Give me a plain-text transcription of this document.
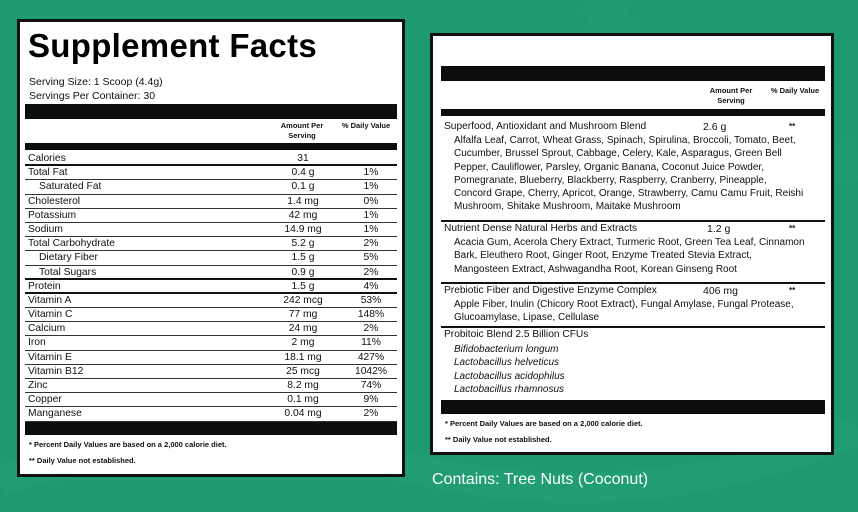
Supplement Facts
Serving Size: 1 Scoop (4.4g)
Servings Per Container: 30
Amount Per Serving
% Daily Value
Calories	31
Total Fat	0.4 g	1%
Saturated Fat	0.1 g	1%
Cholesterol	1.4 mg	0%
Potassium	42 mg	1%
Sodium	14.9 mg	1%
Total Carbohydrate	5.2 g	2%
Dietary Fiber	1.5 g	5%
Total Sugars	0.9 g	2%
Protein	1.5 g	4%
Vitamin A	242 mcg	53%
Vitamin C	77 mg	148%
Calcium	24 mg	2%
Iron	2 mg	11%
Vitamin E	18.1 mg	427%
Vitamin B12	25 mcg	1042%
Zinc	8.2 mg	74%
Copper	0.1 mg	9%
Manganese	0.04 mg	2%
* Percent Daily Values are based on a 2,000 calorie diet.
** Daily Value not established.
Amount Per Serving
% Daily Value
Superfood, Antioxidant and Mushroom Blend	2.6 g	**
Alfalfa Leaf, Carrot, Wheat Grass, Spinach, Spirulina, Broccoli, Tomato, Beet,
Cucumber, Brussel Sprout, Cabbage, Celery, Kale, Asparagus, Green Bell
Pepper, Cauliflower, Parsley, Organic Banana, Coconut Juice Powder,
Pomegranate, Blueberry, Blackberry, Raspberry, Cranberry, Pineapple,
Concord Grape, Cherry, Apricot, Orange, Strawberry, Camu Camu Fruit, Reishi
Mushroom, Shitake Mushroom, Maitake Mushroom
Nutrient Dense Natural Herbs and Extracts	1.2 g	**
Acacia Gum, Acerola Chery Extract, Turmeric Root, Green Tea Leaf, Cinnamon
Bark, Eleuthero Root, Ginger Root, Enzyme Treated Stevia Extract,
Mangosteen Extract, Ashwagandha Root, Korean Ginseng Root
Prebiotic Fiber and Digestive Enzyme Complex	406 mg	**
Apple Fiber, Inulin (Chicory Root Extract), Fungal Amylase, Fungal Protease,
Glucoamylase, Lipase, Cellulase
Probitoic Blend 2.5 Billion CFUs
Bifidobacterium longum
Lactobacillus helveticus
Lactobacillus acidophilus
Lactobacillus rhamnosus
* Percent Daily Values are based on a 2,000 calorie diet.
** Daily Value not established.
Contains: Tree Nuts (Coconut)
